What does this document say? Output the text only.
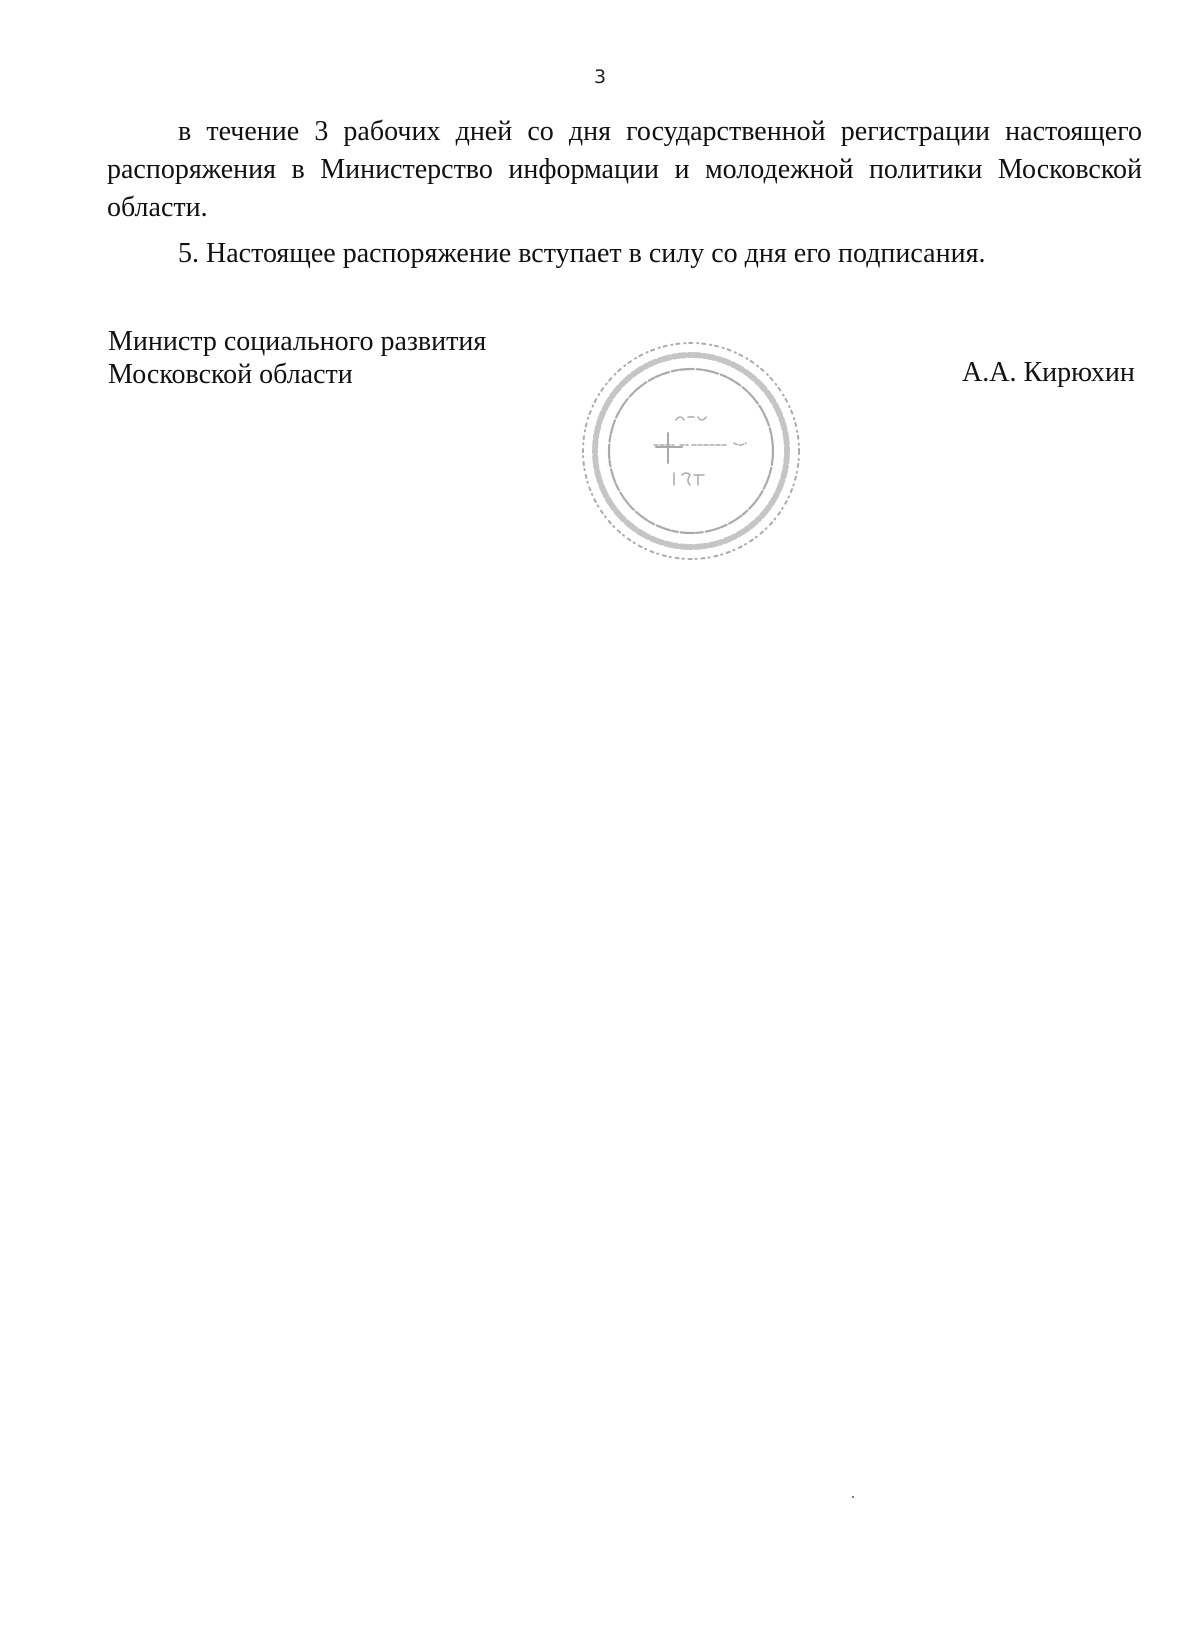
3

в течение 3 рабочих дней со дня государственной регистрации настоящего распоряжения в Министерство информации и молодежной политики Московской области.

5. Настоящее распоряжение вступает в силу со дня его подписания.

Министр социального развития
Московской области	А.А. Кирюхин
